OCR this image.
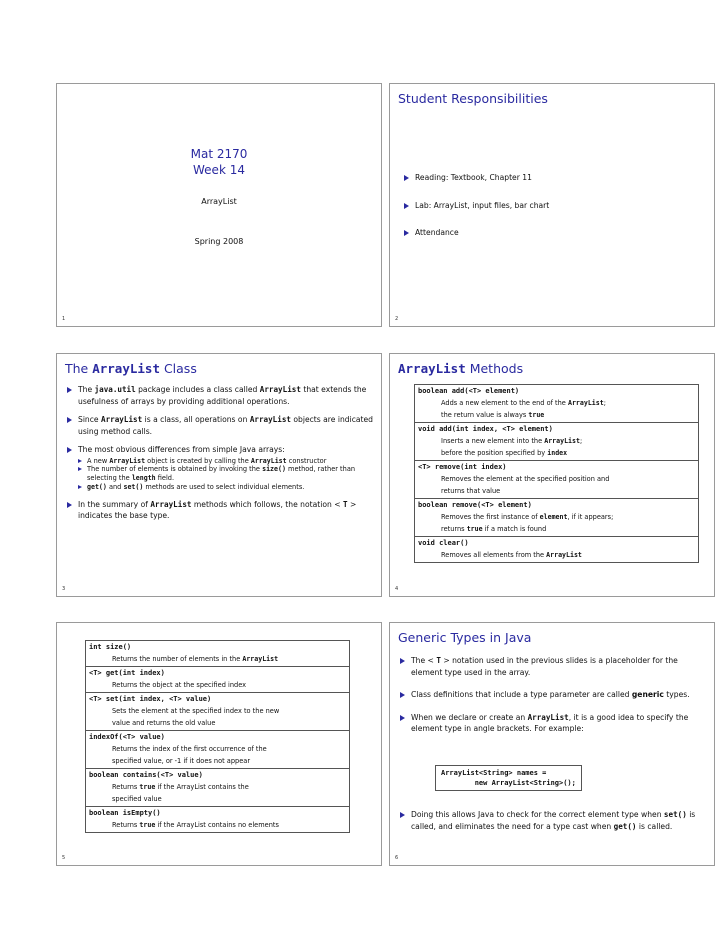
Mat 2170
Week 14
ArrayList
Spring 2008
1
Student Responsibilities
Reading: Textbook, Chapter 11
Lab: ArrayList, input files, bar chart
Attendance
2
The ArrayList Class
The java.util package includes a class called ArrayList that extends the usefulness of arrays by providing additional operations.
Since ArrayList is a class, all operations on ArrayList objects are indicated using method calls.
The most obvious differences from simple Java arrays:
A new ArrayList object is created by calling the ArrayList constructor
The number of elements is obtained by invoking the size() method, rather than selecting the length field.
get() and set() methods are used to select individual elements.
In the summary of ArrayList methods which follows, the notation < T > indicates the base type.
3
ArrayList Methods
boolean add(<T> element)
Adds a new element to the end of the ArrayList;
the return value is always true
void add(int index, <T> element)
Inserts a new element into the ArrayList;
before the position specified by index
<T> remove(int index)
Removes the element at the specified position and
returns that value
boolean remove(<T> element)
Removes the first instance of element, if it appears;
returns true if a match is found
void clear()
Removes all elements from the ArrayList
4
int size()
Returns the number of elements in the ArrayList
<T> get(int index)
Returns the object at the specified index
<T> set(int index, <T> value)
Sets the element at the specified index to the new
value and returns the old value
indexOf(<T> value)
Returns the index of the first occurrence of the
specified value, or -1 if it does not appear
boolean contains(<T> value)
Returns true if the ArrayList contains the
specified value
boolean isEmpty()
Returns true if the ArrayList contains no elements
5
Generic Types in Java
The < T > notation used in the previous slides is a placeholder for the element type used in the array.
Class definitions that include a type parameter are called generic types.
When we declare or create an ArrayList, it is a good idea to specify the element type in angle brackets. For example:
ArrayList<String> names =
new ArrayList<String>();
Doing this allows Java to check for the correct element type when set() is called, and eliminates the need for a type cast when get() is called.
6
